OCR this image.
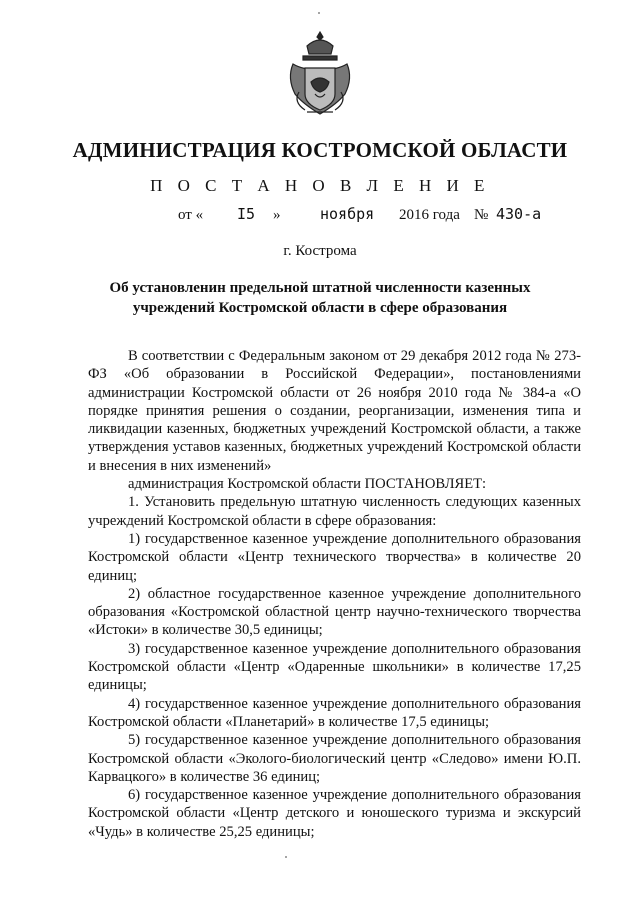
АДМИНИСТРАЦИЯ КОСТРОМСКОЙ ОБЛАСТИ
П О С Т А Н О В Л Е Н И Е
от « I5 »	ноября 2016 года № 430-а
г. Кострома
Об установленин предельной штатной численности казенных
учреждений Костромской области в сфере образования

В соответствии с Федеральным законом от 29 декабря 2012 года № 273-ФЗ «Об образовании в Российской Федерации», постановлениями администрации Костромской области от 26 ноября 2010 года № 384-а «О порядке принятия решения о создании, реорганизации, изменения типа и ликвидации казенных, бюджетных учреждений Костромской области, а также утверждения уставов казенных, бюджетных учреждений Костромской области и внесения в них изменений»

администрация Костромской области ПОСТАНОВЛЯЕТ:

1. Установить предельную штатную численность следующих казенных учреждений Костромской области в сфере образования:

1) государственное казенное учреждение дополнительного образования Костромской области «Центр технического творчества» в количестве 20 единиц;

2) областное государственное казенное учреждение дополнительного образования «Костромской областной центр научно-технического творчества «Истоки» в количестве 30,5 единицы;

3) государственное казенное учреждение дополнительного образования Костромской области «Центр «Одаренные школьники» в количестве 17,25 единицы;

4) государственное казенное учреждение дополнительного образования Костромской области «Планетарий» в количестве 17,5 единицы;

5) государственное казенное учреждение дополнительного образования Костромской области «Эколого-биологический центр «Следово» имени Ю.П. Карвацкого» в количестве 36 единиц;

6) государственное казенное учреждение дополнительного образования Костромской области «Центр детского и юношеского туризма и экскурсий «Чудь» в количестве 25,25 единицы;
